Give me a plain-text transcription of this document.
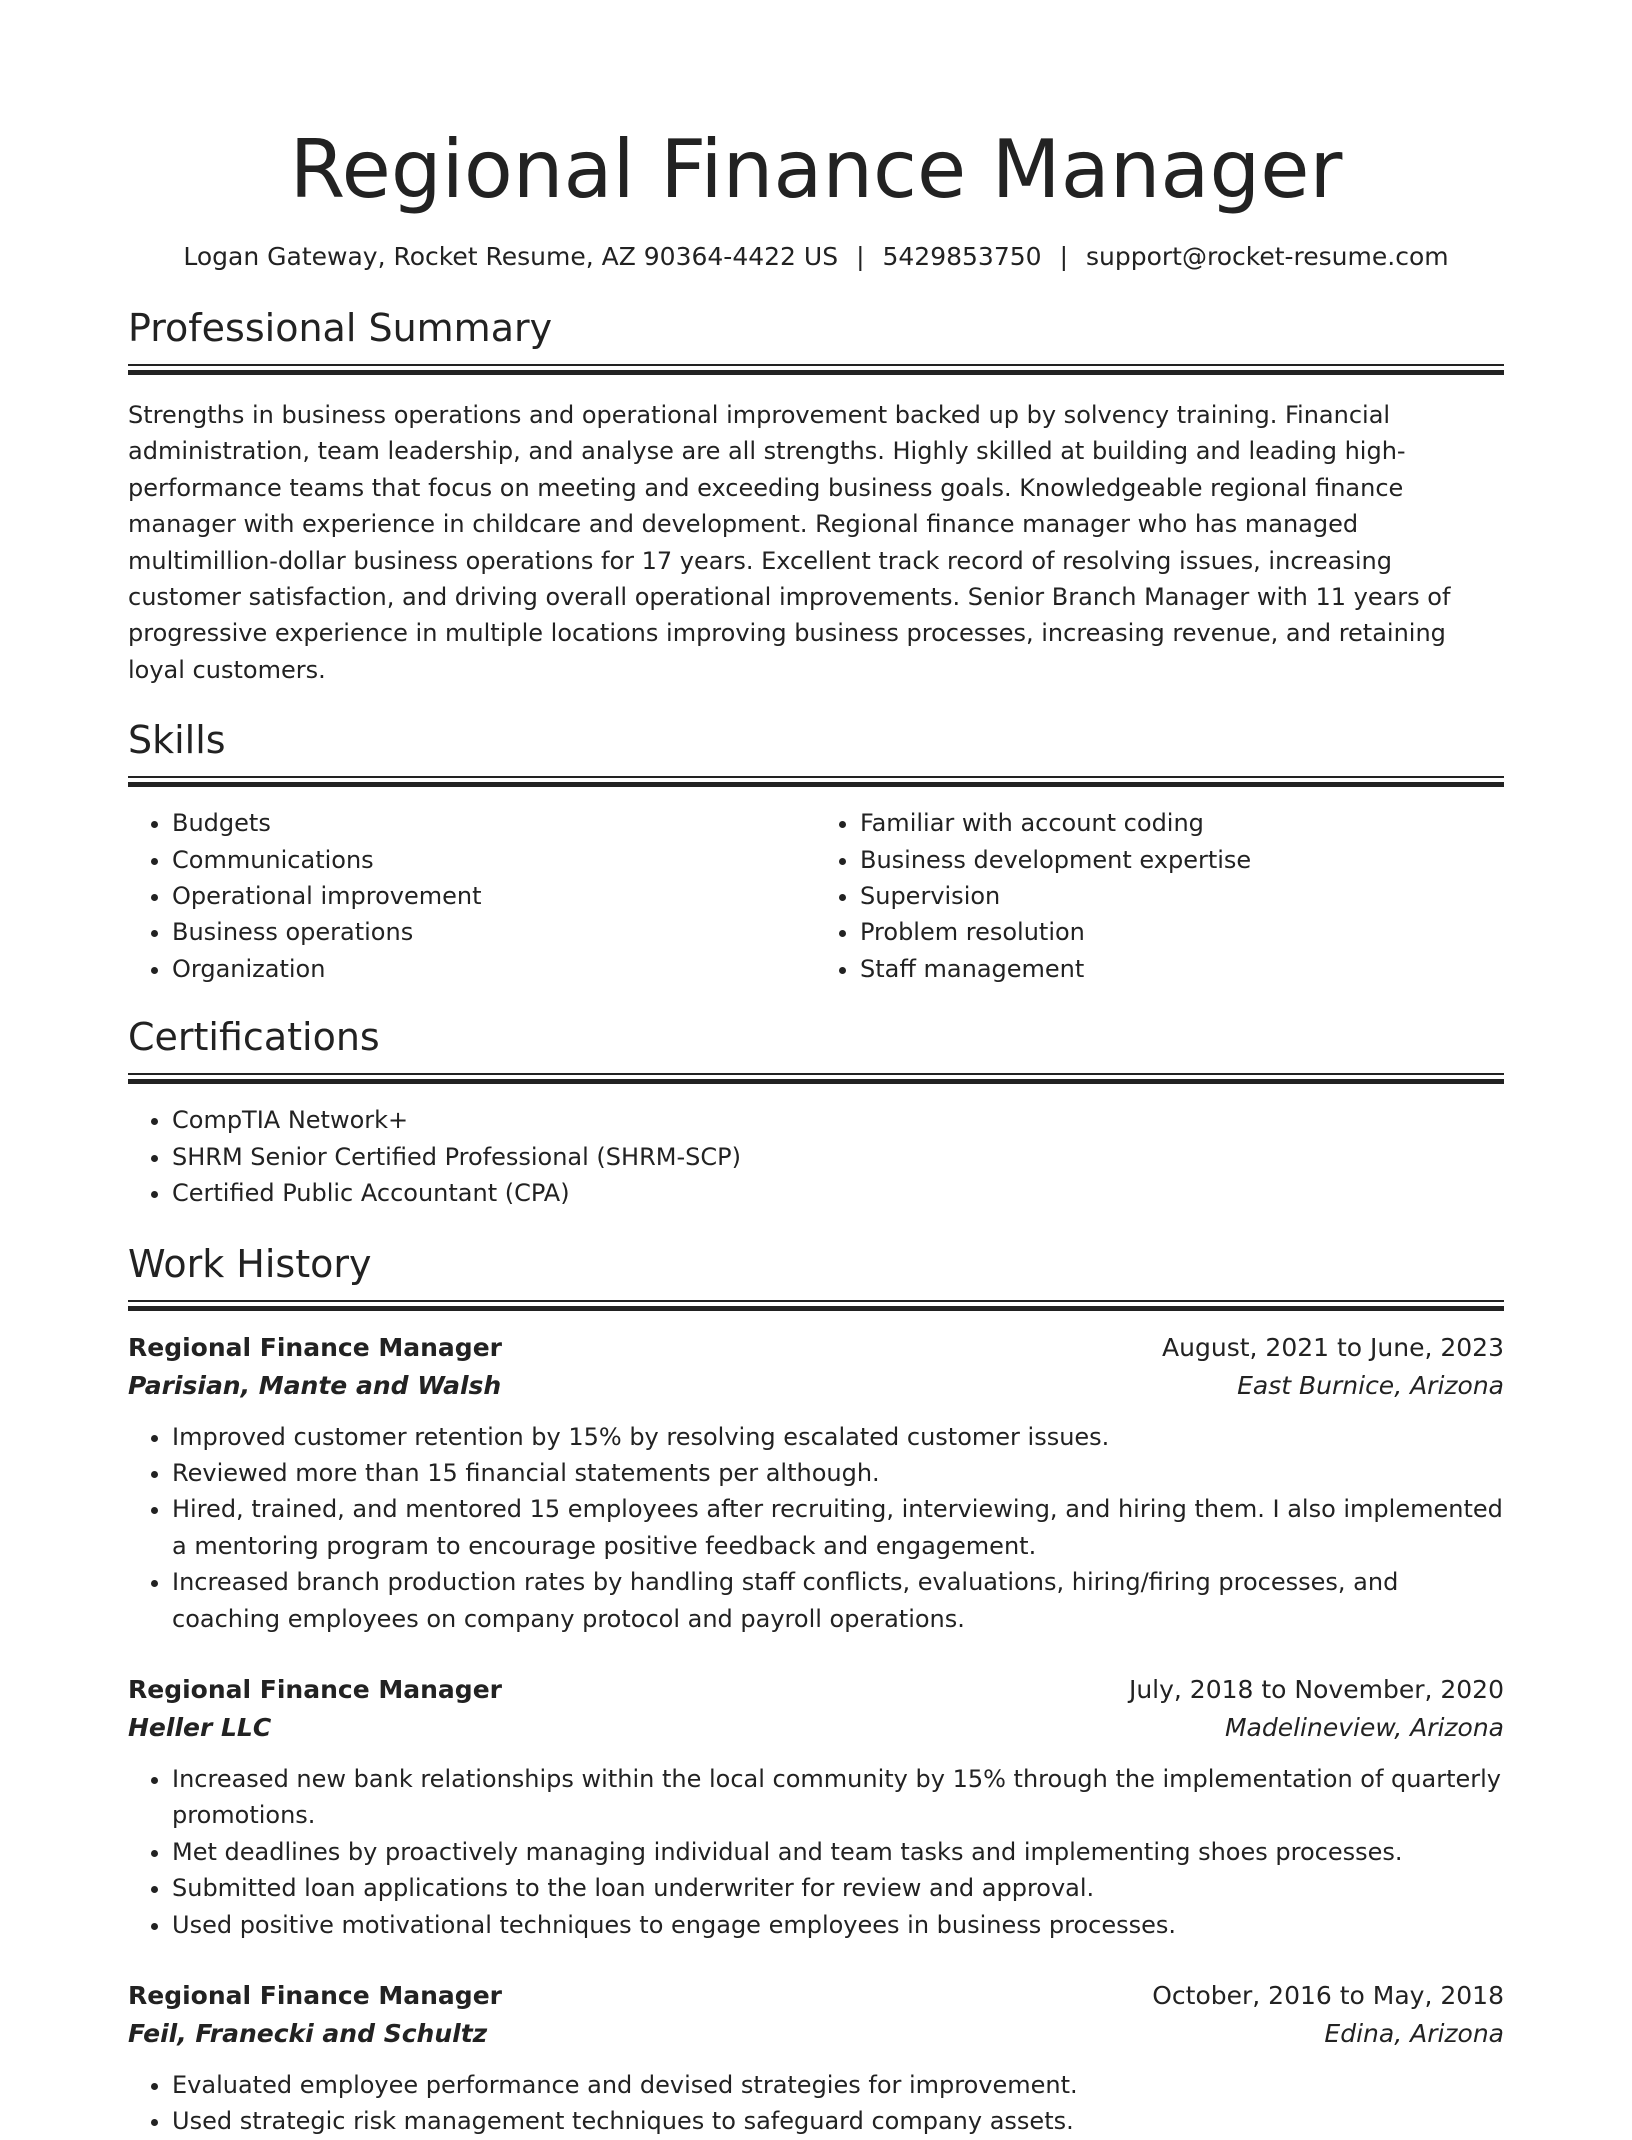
Regional Finance Manager
Logan Gateway, Rocket Resume, AZ 90364-4422 US | 5429853750 | support@rocket-resume.com
Professional Summary

Strengths in business operations and operational improvement backed up by solvency training. Financial administration, team leadership, and analyse are all strengths. Highly skilled at building and leading high-performance teams that focus on meeting and exceeding business goals. Knowledgeable regional finance manager with experience in childcare and development. Regional finance manager who has managed multimillion-dollar business operations for 17 years. Excellent track record of resolving issues, increasing customer satisfaction, and driving overall operational improvements. Senior Branch Manager with 11 years of progressive experience in multiple locations improving business processes, increasing revenue, and retaining loyal customers.

Skills
• Budgets
• Communications
• Operational improvement
• Business operations
• Organization
• Familiar with account coding
• Business development expertise
• Supervision
• Problem resolution
• Staff management
Certifications
• CompTIA Network+
• SHRM Senior Certified Professional (SHRM-SCP)
• Certified Public Accountant (CPA)
Work History
Regional Finance Manager	August, 2021 to June, 2023
Parisian, Mante and Walsh	East Burnice, Arizona
• Improved customer retention by 15% by resolving escalated customer issues.
• Reviewed more than 15 financial statements per although.
• Hired, trained, and mentored 15 employees after recruiting, interviewing, and hiring them. I also implemented a mentoring program to encourage positive feedback and engagement.
• Increased branch production rates by handling staff conflicts, evaluations, hiring/firing processes, and coaching employees on company protocol and payroll operations.
Regional Finance Manager	July, 2018 to November, 2020
Heller LLC	Madelineview, Arizona
• Increased new bank relationships within the local community by 15% through the implementation of quarterly promotions.
• Met deadlines by proactively managing individual and team tasks and implementing shoes processes.
• Submitted loan applications to the loan underwriter for review and approval.
• Used positive motivational techniques to engage employees in business processes.
Regional Finance Manager	October, 2016 to May, 2018
Feil, Franecki and Schultz	Edina, Arizona
• Evaluated employee performance and devised strategies for improvement.
• Used strategic risk management techniques to safeguard company assets.
